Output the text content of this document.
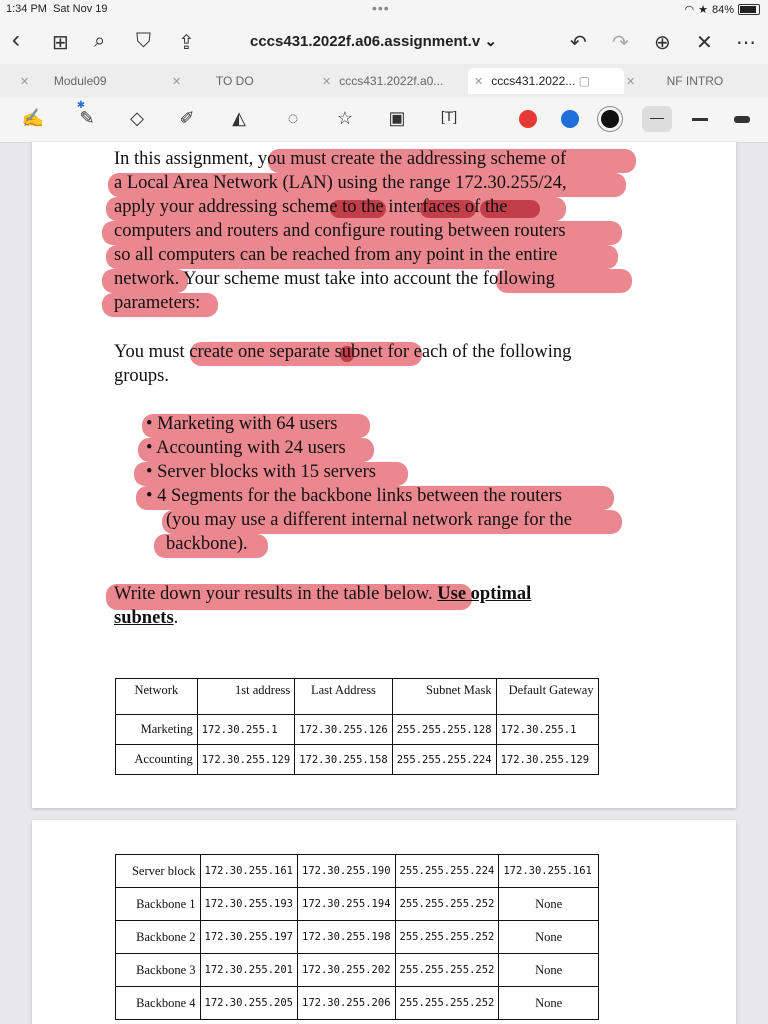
1:34 PM Sat Nov 19	•••	◠ ★ 84%
‹ ⊞ ⌕ ⛉ ⇪	cccs431.2022f.a06.assignment.v ⌄	↶ ↷ ⊕ ✕ ⋯
✕ Module09	✕	TO DO	✕ cccs431.2022f.a0...	✕ cccs431.2022... ▢	✕	NF INTRO
✍
✱
✎	◇	✐	◭	◌	☆ ▣	[T]
In this assignment, you must create the addressing scheme of
a Local Area Network (LAN) using the range 172.30.255/24,
apply your addressing scheme to the interfaces of the
computers and routers and configure routing between routers
so all computers can be reached from any point in the entire
network. Your scheme must take into account the following
parameters:
You must create one separate subnet for each of the following
groups.
• Marketing with 64 users
• Accounting with 24 users
• Server blocks with 15 servers
• 4 Segments for the backbone links between the routers
(you may use a different internal network range for the
backbone).
Write down your results in the table below. Use optimal
subnets.
Network	1st address	Last Address	Subnet Mask	Default Gateway
Marketing	172.30.255.1	172.30.255.126	255.255.255.128	172.30.255.1
Accounting	172.30.255.129	172.30.255.158	255.255.255.224	172.30.255.129
Server block	172.30.255.161	172.30.255.190	255.255.255.224	172.30.255.161
Backbone 1	172.30.255.193	172.30.255.194	255.255.255.252	None
Backbone 2	172.30.255.197	172.30.255.198	255.255.255.252	None
Backbone 3	172.30.255.201	172.30.255.202	255.255.255.252	None
Backbone 4	172.30.255.205	172.30.255.206	255.255.255.252	None
